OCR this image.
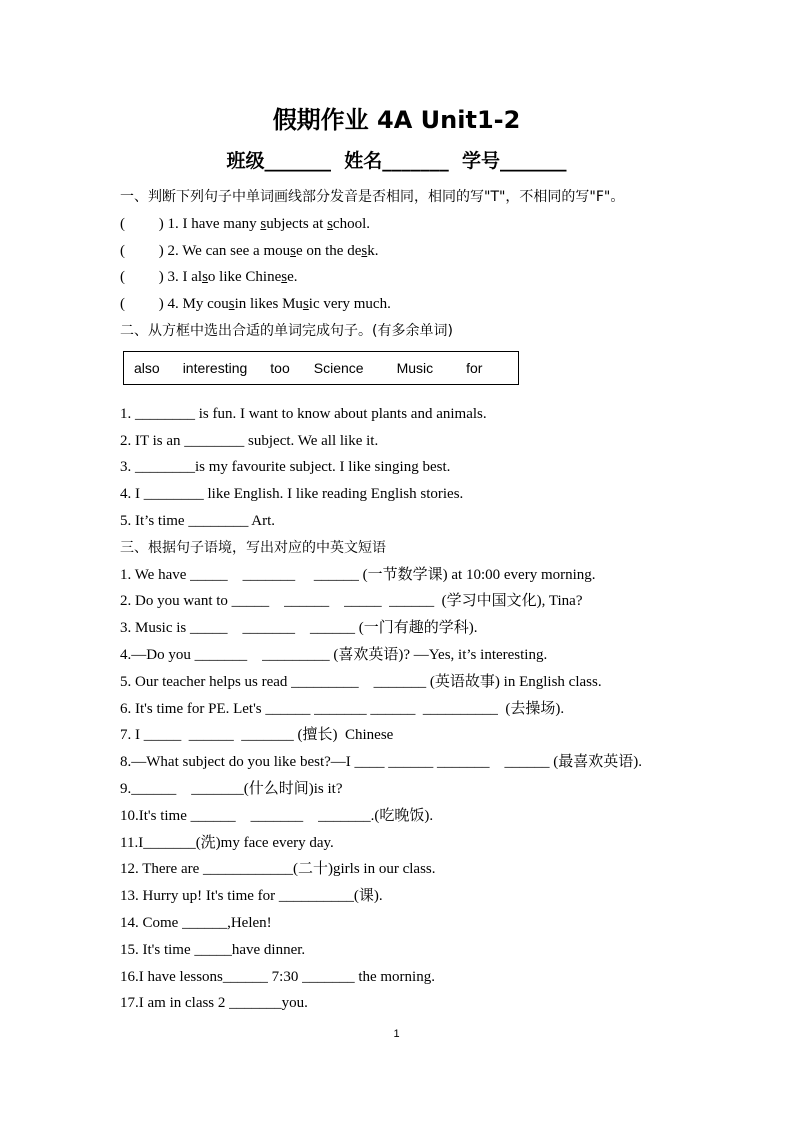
假期作业 4A Unit1-2
班级_______  姓名_______  学号_______
一、判断下列句子中单词画线部分发音是否相同，相同的写"T"，不相同的写"F"。
(         ) 1. I have many subjects at school.
(         ) 2. We can see a mouse on the desk.
(         ) 3. I also like Chinese.
(         ) 4. My cousin likes Music very much.
二、从方框中选出合适的单词完成句子。(有多余单词)
also interesting too Science Music for
1. ________ is fun. I want to know about plants and animals.
2. IT is an ________ subject. We all like it.
3. ________is my favourite subject. I like singing best.
4. I ________ like English. I like reading English stories.
5. It’s time ________ Art.
三、根据句子语境，写出对应的中英文短语
1. We have _____    _______     ______ (一节数学课) at 10:00 every morning.
2. Do you want to _____    ______    _____  ______  (学习中国文化), Tina?
3. Music is _____    _______    ______ (一门有趣的学科).
4.—Do you _______    _________ (喜欢英语)? —Yes, it’s interesting.
5. Our teacher helps us read _________    _______ (英语故事) in English class.
6. It's time for PE. Let's ______ _______ ______  __________  (去操场).
7. I _____  ______  _______ (擅长)  Chinese
8.—What subject do you like best?—I ____ ______ _______    ______ (最喜欢英语).
9.______    _______(什么时间)is it?
10.It's time ______    _______    _______.(吃晚饭).
11.I_______(洗)my face every day.
12. There are ____________(二十)girls in our class.
13. Hurry up! It's time for __________(课).
14. Come ______,Helen!
15. It's time _____have dinner.
16.I have lessons______ 7:30 _______ the morning.
17.I am in class 2 _______you.
1
